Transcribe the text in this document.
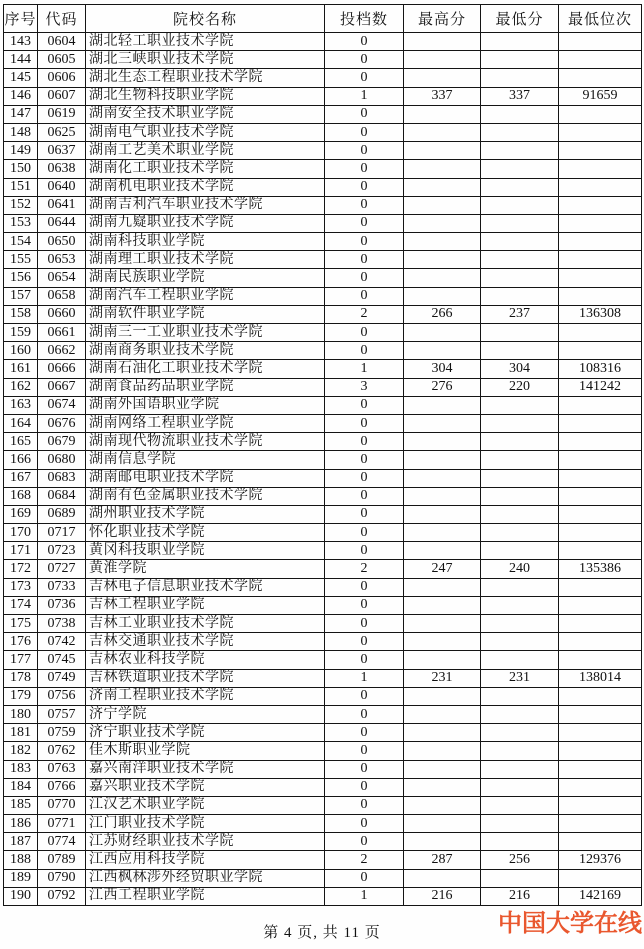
序号	代码	院校名称	投档数	最高分	最低分	最低位次
143	0604	湖北轻工职业技术学院	0			
144	0605	湖北三峡职业技术学院	0			
145	0606	湖北生态工程职业技术学院	0			
146	0607	湖北生物科技职业学院	1	337	337	91659
147	0619	湖南安全技术职业学院	0			
148	0625	湖南电气职业技术学院	0			
149	0637	湖南工艺美术职业学院	0			
150	0638	湖南化工职业技术学院	0			
151	0640	湖南机电职业技术学院	0			
152	0641	湖南吉利汽车职业技术学院	0			
153	0644	湖南九嶷职业技术学院	0			
154	0650	湖南科技职业学院	0			
155	0653	湖南理工职业技术学院	0			
156	0654	湖南民族职业学院	0			
157	0658	湖南汽车工程职业学院	0			
158	0660	湖南软件职业学院	2	266	237	136308
159	0661	湖南三一工业职业技术学院	0			
160	0662	湖南商务职业技术学院	0			
161	0666	湖南石油化工职业技术学院	1	304	304	108316
162	0667	湖南食品药品职业学院	3	276	220	141242
163	0674	湖南外国语职业学院	0			
164	0676	湖南网络工程职业学院	0			
165	0679	湖南现代物流职业技术学院	0			
166	0680	湖南信息学院	0			
167	0683	湖南邮电职业技术学院	0			
168	0684	湖南有色金属职业技术学院	0			
169	0689	湖州职业技术学院	0			
170	0717	怀化职业技术学院	0			
171	0723	黄冈科技职业学院	0			
172	0727	黄淮学院	2	247	240	135386
173	0733	吉林电子信息职业技术学院	0			
174	0736	吉林工程职业学院	0			
175	0738	吉林工业职业技术学院	0			
176	0742	吉林交通职业技术学院	0			
177	0745	吉林农业科技学院	0			
178	0749	吉林铁道职业技术学院	1	231	231	138014
179	0756	济南工程职业技术学院	0			
180	0757	济宁学院	0			
181	0759	济宁职业技术学院	0			
182	0762	佳木斯职业学院	0			
183	0763	嘉兴南洋职业技术学院	0			
184	0766	嘉兴职业技术学院	0			
185	0770	江汉艺术职业学院	0			
186	0771	江门职业技术学院	0			
187	0774	江苏财经职业技术学院	0			
188	0789	江西应用科技学院	2	287	256	129376
189	0790	江西枫林涉外经贸职业学院	0			
190	0792	江西工程职业学院	1	216	216	142169
中国大学在线
第 4 页, 共 11 页
